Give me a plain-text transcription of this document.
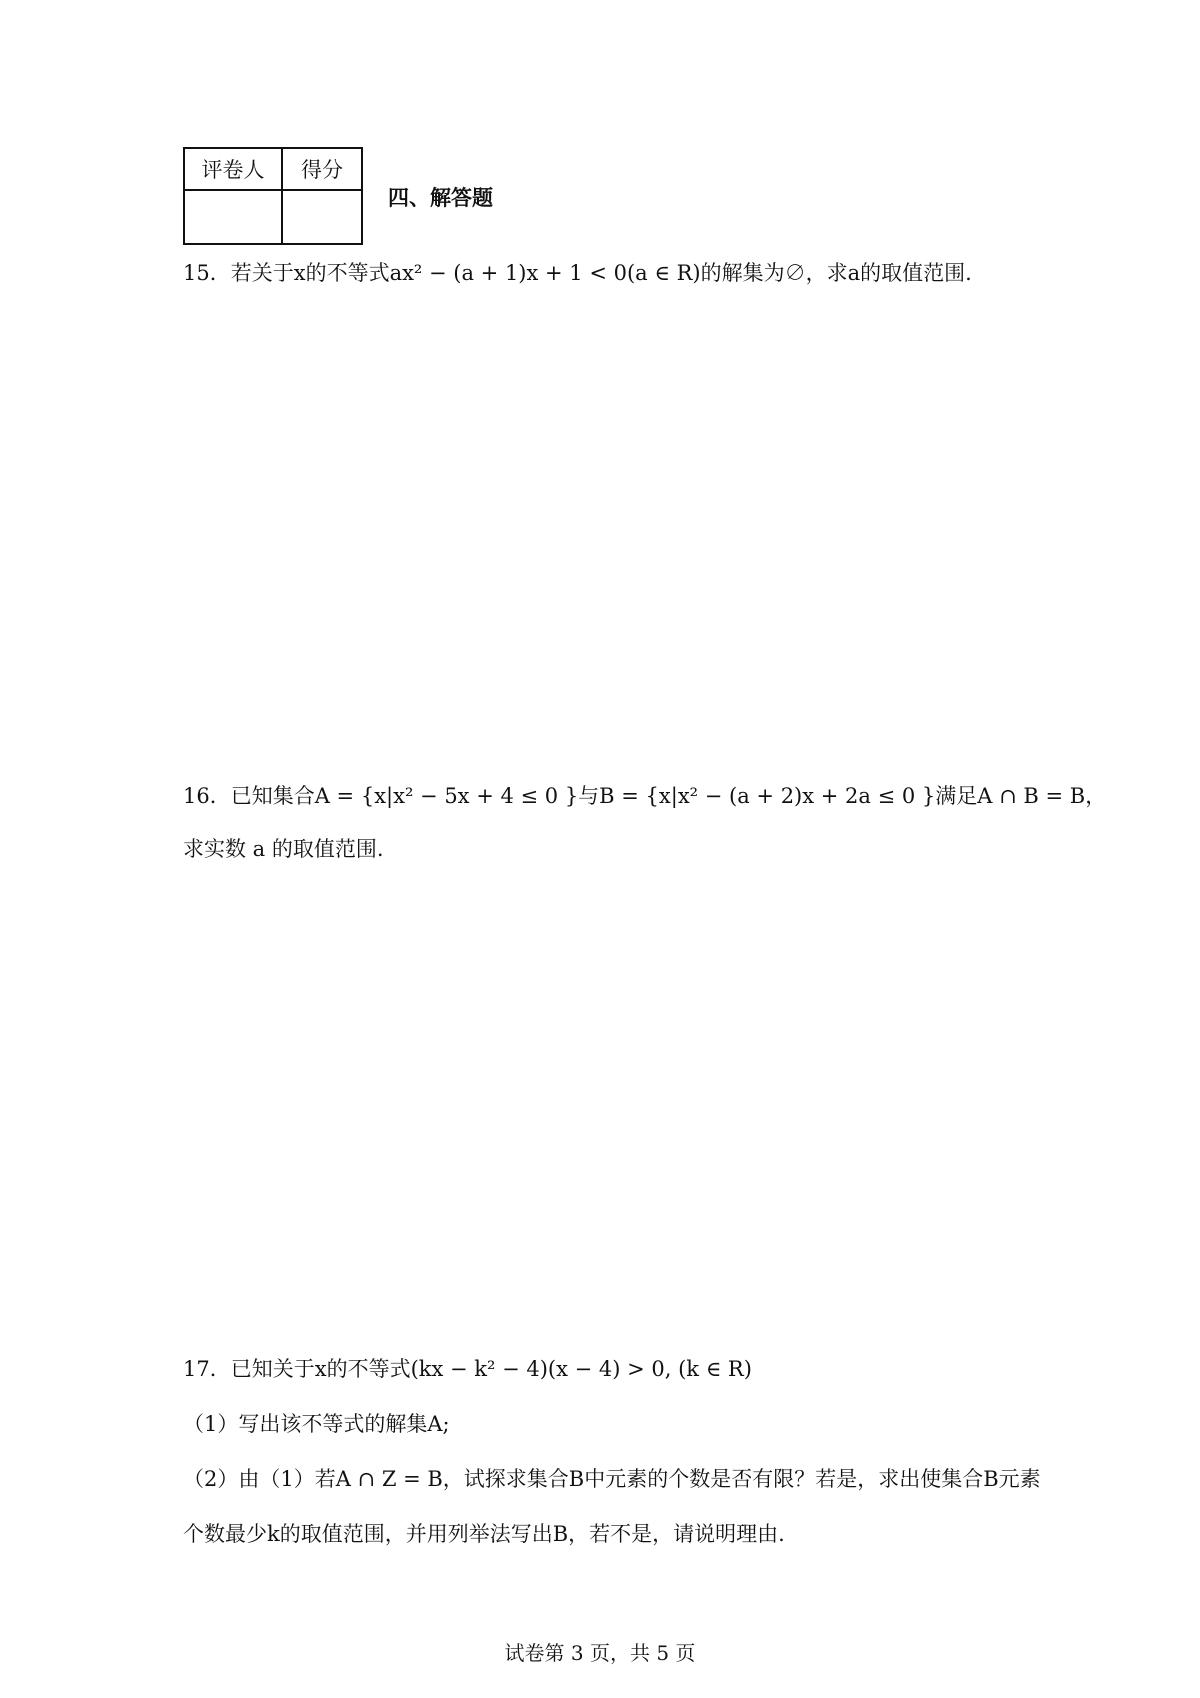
评卷人	得分

四、解答题
15．若关于x的不等式ax² − (a + 1)x + 1 < 0(a ∈ R)的解集为∅，求a的取值范围.
16．已知集合A = {x|x² − 5x + 4 ≤ 0 }与B = {x|x² − (a + 2)x + 2a ≤ 0 }满足A ∩ B = B，
求实数 a 的取值范围.
17．已知关于x的不等式(kx − k² − 4)(x − 4) > 0, (k ∈ R)
（1）写出该不等式的解集A;
（2）由（1）若A ∩ Z = B，试探求集合B中元素的个数是否有限？若是，求出使集合B元素
个数最少k的取值范围，并用列举法写出B，若不是，请说明理由.
试卷第 3 页，共 5 页
